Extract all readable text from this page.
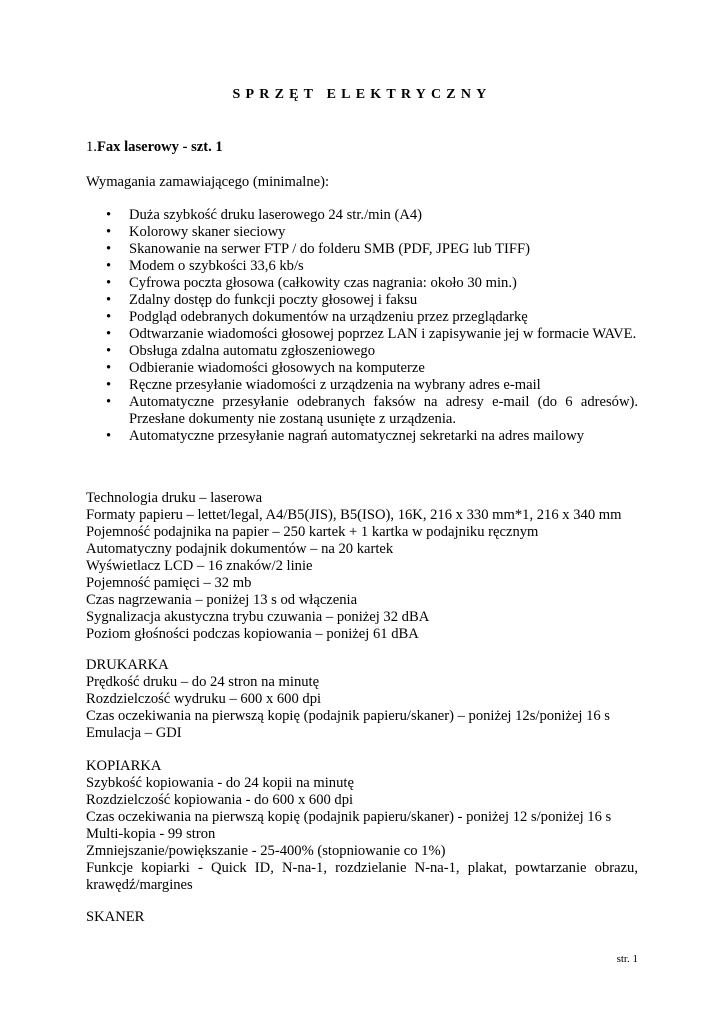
SPRZĘT ELEKTRYCZNY
1.Fax laserowy - szt. 1
Wymagania zamawiającego (minimalne):
• Duża szybkość druku laserowego 24 str./min (A4)
• Kolorowy skaner sieciowy
• Skanowanie na serwer FTP / do folderu SMB (PDF, JPEG lub TIFF)
• Modem o szybkości 33,6 kb/s
• Cyfrowa poczta głosowa (całkowity czas nagrania: około 30 min.)
• Zdalny dostęp do funkcji poczty głosowej i faksu
• Podgląd odebranych dokumentów na urządzeniu przez przeglądarkę
• Odtwarzanie wiadomości głosowej poprzez LAN i zapisywanie jej w formacie WAVE.
• Obsługa zdalna automatu zgłoszeniowego
• Odbieranie wiadomości głosowych na komputerze
• Ręczne przesyłanie wiadomości z urządzenia na wybrany adres e-mail
• Automatyczne przesyłanie odebranych faksów na adresy e-mail (do 6 adresów). Przesłane dokumenty nie zostaną usunięte z urządzenia.
• Automatyczne przesyłanie nagrań automatycznej sekretarki na adres mailowy
Technologia druku – laserowa
Formaty papieru – lettet/legal, A4/B5(JIS), B5(ISO), 16K, 216 x 330 mm*1, 216 x 340 mm
Pojemność podajnika na papier – 250 kartek + 1 kartka w podajniku ręcznym
Automatyczny podajnik dokumentów – na 20 kartek
Wyświetlacz LCD – 16 znaków/2 linie
Pojemność pamięci – 32 mb
Czas nagrzewania – poniżej 13 s od włączenia
Sygnalizacja akustyczna trybu czuwania – poniżej 32 dBA
Poziom głośności podczas kopiowania – poniżej 61 dBA
DRUKARKA
Prędkość druku – do 24 stron na minutę
Rozdzielczość wydruku – 600 x 600 dpi
Czas oczekiwania na pierwszą kopię (podajnik papieru/skaner) – poniżej 12s/poniżej 16 s
Emulacja – GDI
KOPIARKA
Szybkość kopiowania - do 24 kopii na minutę
Rozdzielczość kopiowania - do 600 x 600 dpi
Czas oczekiwania na pierwszą kopię (podajnik papieru/skaner) - poniżej 12 s/poniżej 16 s
Multi-kopia - 99 stron
Zmniejszanie/powiększanie - 25-400% (stopniowanie co 1%)
Funkcje kopiarki - Quick ID, N-na-1, rozdzielanie N-na-1, plakat, powtarzanie obrazu, krawędź/margines
SKANER
str. 1
